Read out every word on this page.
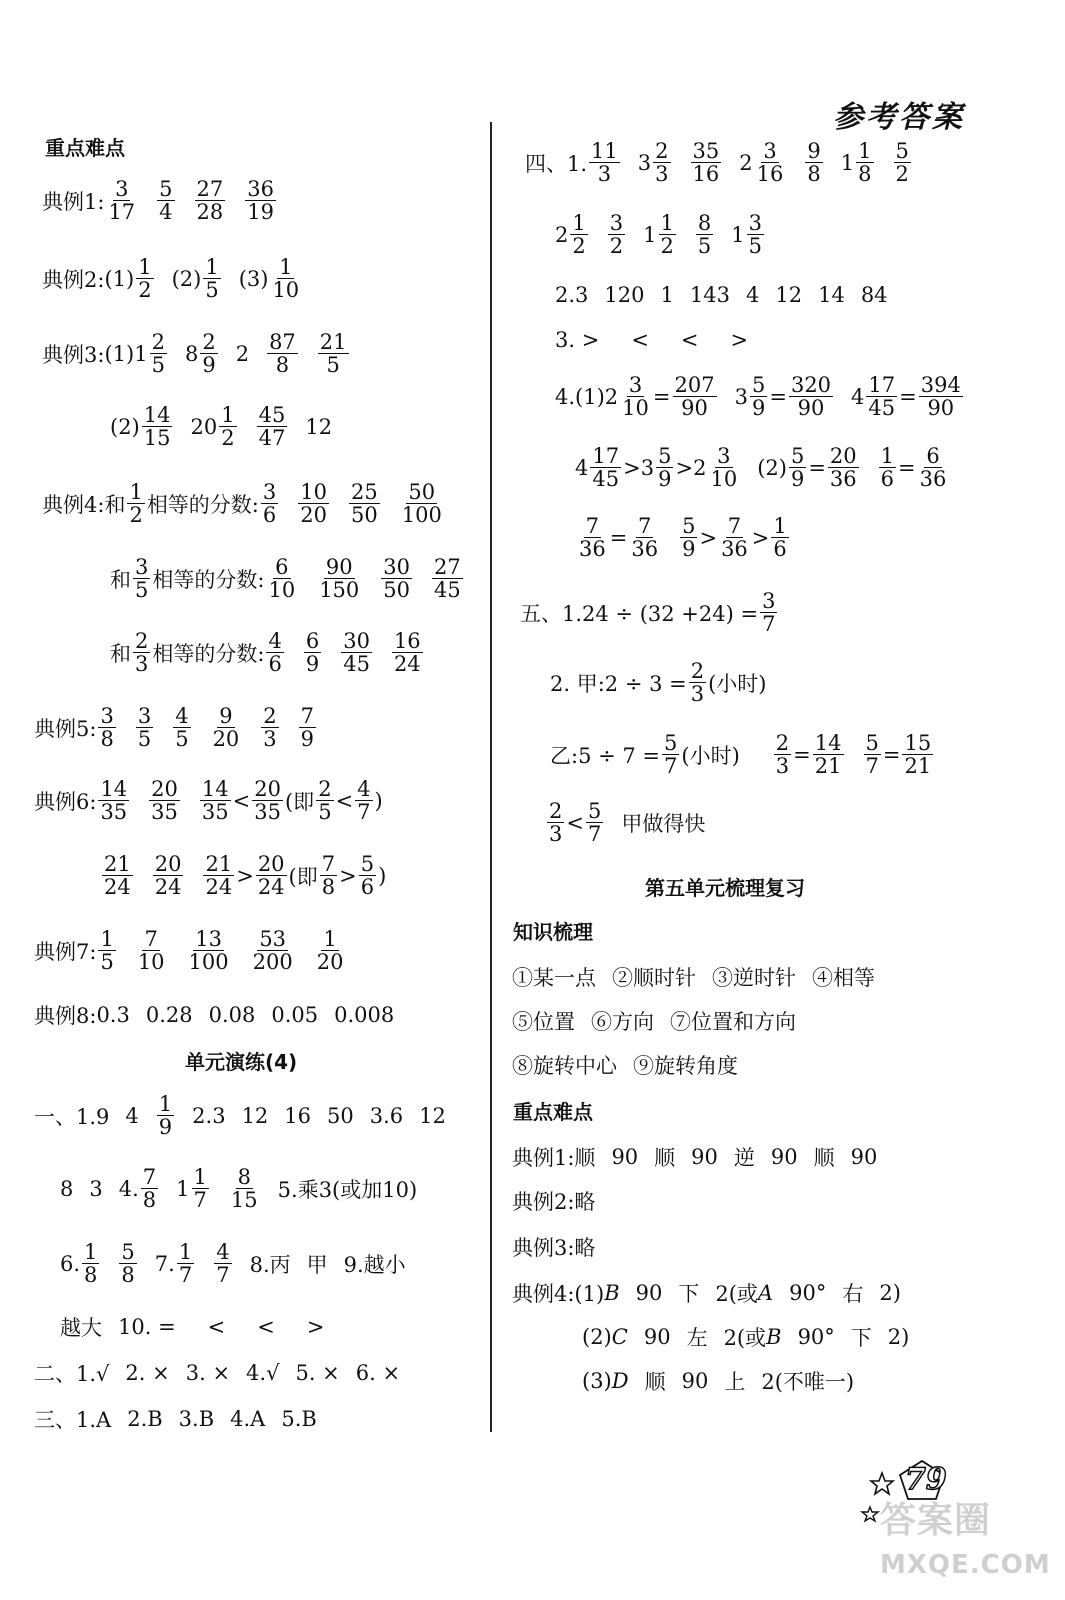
参考答案
重点难点
典例1: $\frac{3}{17} \frac{5}{4} \frac{27}{28} \frac{36}{19}$
典例2: $(1) \frac{1}{2} (2) \frac{1}{5} (3) \frac{1}{10}$
典例3: (1) $1 \frac{2}{5} 8 \frac{2}{9} 2 \frac{87}{8} \frac{21}{5}$
$(2) \frac{14}{15} 20 \frac{1}{2} \frac{45}{47} 12$
典例4: 和 $\frac{1}{2}$ 相等的分数: $\frac{3}{6} \frac{10}{20} \frac{25}{50} \frac{50}{100}$
和 $\frac{3}{5}$ 相等的分数: $\frac{6}{10} \frac{90}{150} \frac{30}{50} \frac{27}{45}$
和 $\frac{2}{3}$ 相等的分数: $\frac{4}{6} \frac{6}{9} \frac{30}{45} \frac{16}{24}$
典例5: $\frac{3}{8} \frac{3}{5} \frac{4}{5} \frac{9}{20} \frac{2}{3} \frac{7}{9}$
典例6: $\frac{14}{35} \frac{20}{35} \frac{14}{35} < \frac{20}{35}$ (即 $\frac{2}{5} < \frac{4}{7}$ )
$\frac{21}{24} \frac{20}{24} \frac{21}{24} > \frac{20}{24}$ (即 $\frac{7}{8} > \frac{5}{6}$ )
典例7: $\frac{1}{5} \frac{7}{10} \frac{13}{100} \frac{53}{200} \frac{1}{20}$
典例8: 0.3 0.28 0.08 0.05 0.008
单元演练(4)
一、1.9 $4 \frac{1}{9} 2.3$ 12 16 50 3.6 12
8 3 4. $\frac{7}{8} 1 \frac{1}{7} \frac{8}{15} 5$.乘3(或加10)
6. $\frac{1}{8} \frac{5}{8} 7$. $\frac{1}{7} \frac{4}{7} 8$.丙 甲 9.越小
越大 10. = < < >
二、1.√ 2. × 3. × 4.√ 5. × 6. ×
三、1.A 2.B 3.B 4.A 5.B
四、1. $\frac{11}{3} 3 \frac{2}{3} \frac{35}{16} 2 \frac{3}{16} \frac{9}{8} 1 \frac{1}{8} \frac{5}{2}$
$2 \frac{1}{2} \frac{3}{2} 1 \frac{1}{2} \frac{8}{5} 1 \frac{3}{5}$
2.3 120 1 143 4 12 14 84
3. > < < >
$4.(1)2 \frac{3}{10} = \frac{207}{90} 3 \frac{5}{9} = \frac{320}{90} 4 \frac{17}{45} = \frac{394}{90}$
$4 \frac{17}{45} > 3 \frac{5}{9} > 2 \frac{3}{10} (2) \frac{5}{9} = \frac{20}{36} \frac{1}{6} = \frac{6}{36}$
$\frac{7}{36} = \frac{7}{36} \frac{5}{9} > \frac{7}{36} > \frac{1}{6}$
五、$1.24 \div (32 +24) = \frac{3}{7}$
2. 甲:2 ÷ $3 = \frac{2}{3}$ (小时)
乙:5 ÷ $7 = \frac{5}{7}$ (小时) $\frac{2}{3} = \frac{14}{21} \frac{5}{7} = \frac{15}{21}$
$\frac{2}{3} < \frac{5}{7}$ 甲做得快
第五单元梳理复习
知识梳理
①某一点 ②顺时针 ③逆时针 ④相等
⑤位置 ⑥方向 ⑦位置和方向
⑧旋转中心 ⑨旋转角度
重点难点
典例1:顺 90 顺 90 逆 90 顺 90
典例2:略
典例3:略
典例4:(1) B 90 下 2(或 A 90° 右 2)
(2) C 90 左 2(或 B 90° 下 2)
(3) D 顺 90 上 2(不唯一)
79
答案圈
MXQE.COM
